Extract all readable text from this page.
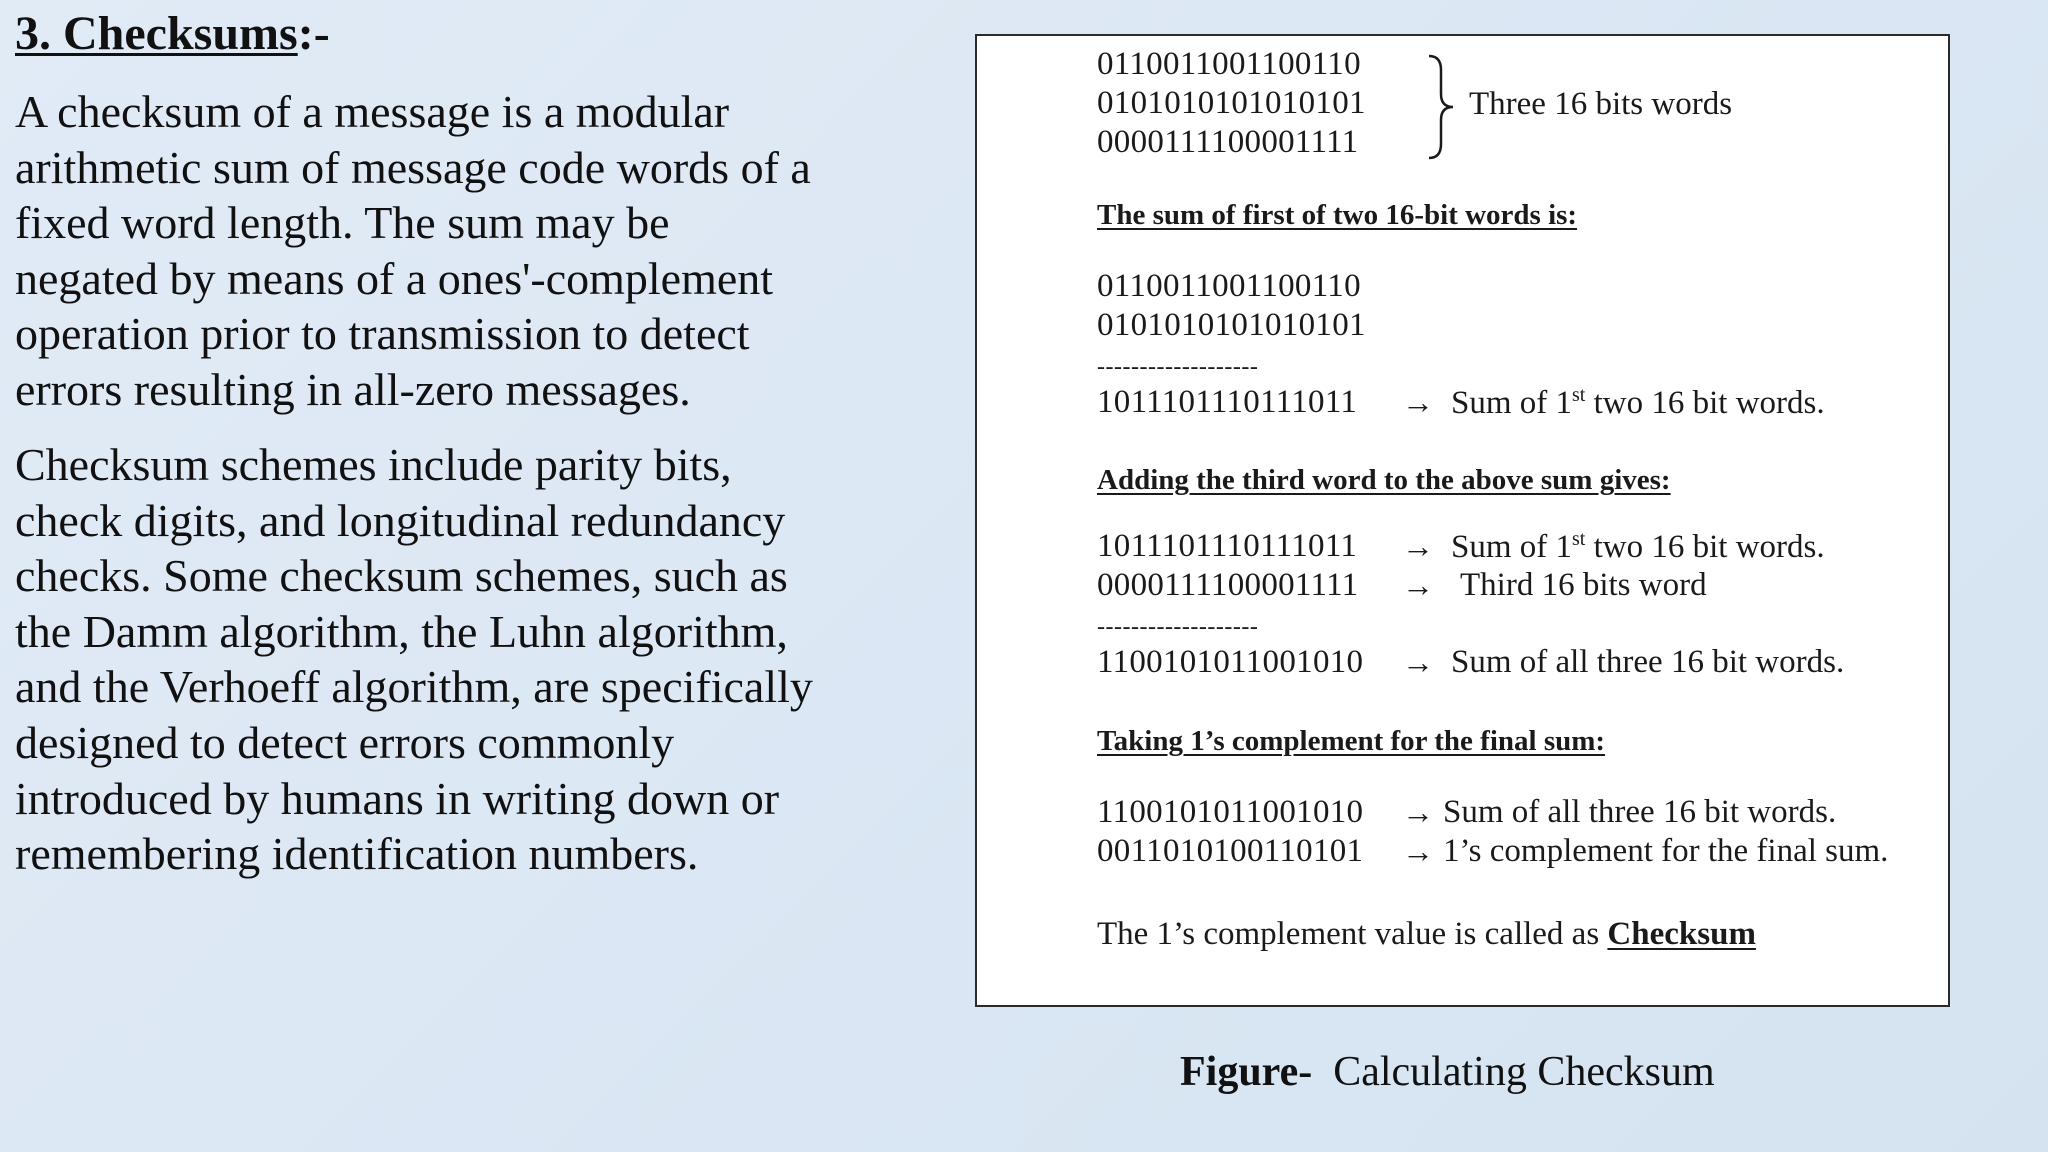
3. Checksums:-
A checksum of a message is a modular
arithmetic sum of message code words of a
fixed word length. The sum may be
negated by means of a ones'-complement
operation prior to transmission to detect
errors resulting in all-zero messages.
Checksum schemes include parity bits,
check digits, and longitudinal redundancy
checks. Some checksum schemes, such as
the Damm algorithm, the Luhn algorithm,
and the Verhoeff algorithm, are specifically
designed to detect errors commonly
introduced by humans in writing down or
remembering identification numbers.
0110011001100110
0101010101010101
0000111100001111
Three 16 bits words
The sum of first of two 16-bit words is:
0110011001100110
0101010101010101
-------------------
1011101110111011 → Sum of 1st two 16 bit words.
Adding the third word to the above sum gives:
1011101110111011 → Sum of 1st two 16 bit words.
0000111100001111 → Third 16 bits word
-------------------
1100101011001010 → Sum of all three 16 bit words.
Taking 1’s complement for the final sum:
1100101011001010 → Sum of all three 16 bit words.
0011010100110101 → 1’s complement for the final sum.
The 1’s complement value is called as Checksum
Figure- Calculating Checksum
